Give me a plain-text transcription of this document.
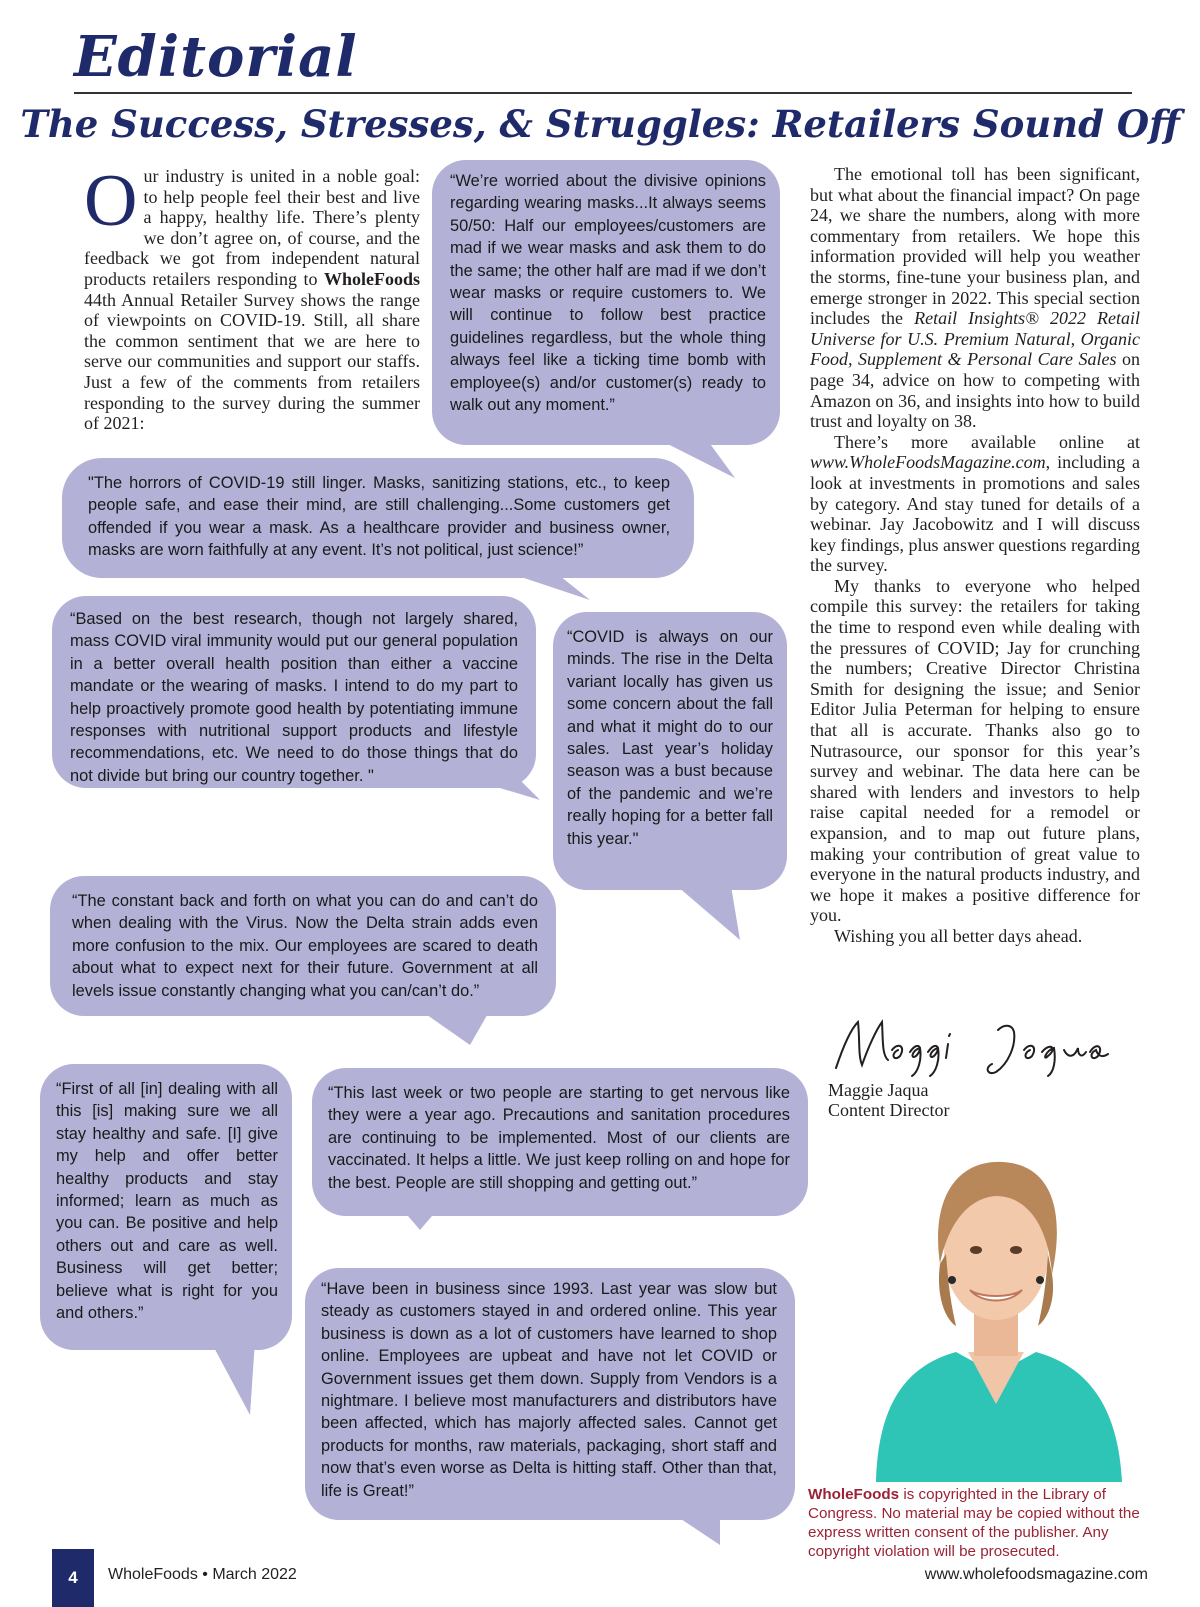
Editorial
The Success, Stresses, & Struggles: Retailers Sound Off
Our industry is united in a noble goal: to help people feel their best and live a happy, healthy life. There’s plenty we don’t agree on, of course, and the feedback we got from independent natural products retailers responding to WholeFoods 44th Annual Retailer Survey shows the range of viewpoints on COVID-19. Still, all share the common sentiment that we are here to serve our communities and support our staffs. Just a few of the comments from retailers responding to the survey during the summer of 2021:

“We’re worried about the divisive opinions regarding wearing masks...It always seems 50/50: Half our employees/customers are mad if we wear masks and ask them to do the same; the other half are mad if we don’t wear masks or require customers to. We will continue to follow best practice guidelines regardless, but the whole thing always feel like a ticking time bomb with employee(s) and/or customer(s) ready to walk out any moment.”

"The horrors of COVID-19 still linger. Masks, sanitizing stations, etc., to keep people safe, and ease their mind, are still challenging...Some customers get offended if you wear a mask. As a healthcare provider and business owner, masks are worn faithfully at any event. It’s not political, just science!”

“Based on the best research, though not largely shared, mass COVID viral immunity would put our general population in a better overall health position than either a vaccine mandate or the wearing of masks. I intend to do my part to help proactively promote good health by potentiating immune responses with nutritional support products and lifestyle recommendations, etc. We need to do those things that do not divide but bring our country together. "

“COVID is always on our minds. The rise in the Delta variant locally has given us some concern about the fall and what it might do to our sales. Last year’s holiday season was a bust because of the pandemic and we’re really hoping for a better fall this year."

“The constant back and forth on what you can do and can’t do when dealing with the Virus. Now the Delta strain adds even more confusion to the mix. Our employees are scared to death about what to expect next for their future. Government at all levels issue constantly changing what you can/can’t do.”

“First of all [in] dealing with all this [is] making sure we all stay healthy and safe. [I] give my help and offer better healthy products and stay informed; learn as much as you can. Be positive and help others out and care as well. Business will get better; believe what is right for you and others.”

“This last week or two people are starting to get nervous like they were a year ago. Precautions and sanitation procedures are continuing to be implemented. Most of our clients are vaccinated. It helps a little. We just keep rolling on and hope for the best. People are still shopping and getting out.”

“Have been in business since 1993. Last year was slow but steady as customers stayed in and ordered online. This year business is down as a lot of customers have learned to shop online. Employees are upbeat and have not let COVID or Government issues get them down. Supply from Vendors is a nightmare. I believe most manufacturers and distributors have been affected, which has majorly affected sales. Cannot get products for months, raw materials, packaging, short staff and now that’s even worse as Delta is hitting staff. Other than that, life is Great!”

The emotional toll has been significant, but what about the financial impact? On page 24, we share the numbers, along with more commentary from retailers. We hope this information provided will help you weather the storms, fine-tune your business plan, and emerge stronger in 2022. This special section includes the Retail Insights® 2022 Retail Universe for U.S. Premium Natural, Organic Food, Supplement & Personal Care Sales on page 34, advice on how to competing with Amazon on 36, and insights into how to build trust and loyalty on 38.

There’s more available online at www.WholeFoodsMagazine.com, including a look at investments in promotions and sales by category. And stay tuned for details of a webinar. Jay Jacobowitz and I will discuss key findings, plus answer questions regarding the survey.

My thanks to everyone who helped compile this survey: the retailers for taking the time to respond even while dealing with the pressures of COVID; Jay for crunching the numbers; Creative Director Christina Smith for designing the issue; and Senior Editor Julia Peterman for helping to ensure that all is accurate. Thanks also go to Nutrasource, our sponsor for this year’s survey and webinar. The data here can be shared with lenders and investors to help raise capital needed for a remodel or expansion, and to map out future plans, making your contribution of great value to everyone in the natural products industry, and we hope it makes a positive difference for you.

Wishing you all better days ahead.

Maggie Jaqua
Content Director
WholeFoods is copyrighted in the Library of Congress. No material may be copied without the express written consent of the publisher. Any copyright violation will be prosecuted.
4	WholeFoods • March 2022	www.wholefoodsmagazine.com
